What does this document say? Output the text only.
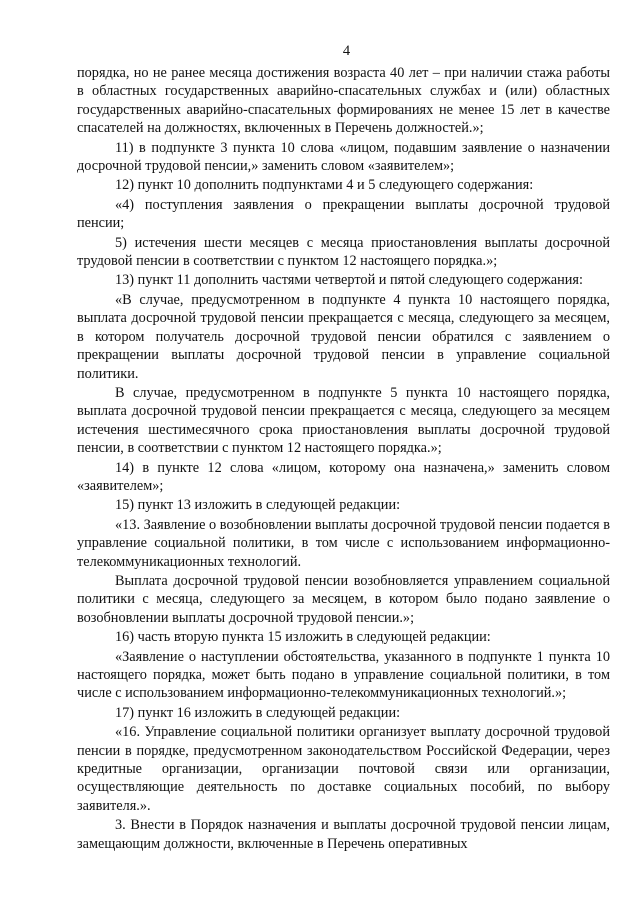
4

порядка, но не ранее месяца достижения возраста 40 лет – при наличии стажа работы в областных государственных аварийно-спасательных службах и (или) областных государственных аварийно-спасательных формированиях не менее 15 лет в качестве спасателей на должностях, включенных в Перечень должностей.»;

11) в подпункте 3 пункта 10 слова «лицом, подавшим заявление о назначении досрочной трудовой пенсии,» заменить словом «заявителем»;

12) пункт 10 дополнить подпунктами 4 и 5 следующего содержания:

«4) поступления заявления о прекращении выплаты досрочной трудовой пенсии;

5) истечения шести месяцев с месяца приостановления выплаты досрочной трудовой пенсии в соответствии с пунктом 12 настоящего порядка.»;

13) пункт 11 дополнить частями четвертой и пятой следующего содержания:

«В случае, предусмотренном в подпункте 4 пункта 10 настоящего порядка, выплата досрочной трудовой пенсии прекращается с месяца, следующего за месяцем, в котором получатель досрочной трудовой пенсии обратился с заявлением о прекращении выплаты досрочной трудовой пенсии в управление социальной политики.

В случае, предусмотренном в подпункте 5 пункта 10 настоящего порядка, выплата досрочной трудовой пенсии прекращается с месяца, следующего за месяцем истечения шестимесячного срока приостановления выплаты досрочной трудовой пенсии, в соответствии с пунктом 12 настоящего порядка.»;

14) в пункте 12 слова «лицом, которому она назначена,» заменить словом «заявителем»;

15) пункт 13 изложить в следующей редакции:

«13. Заявление о возобновлении выплаты досрочной трудовой пенсии подается в управление социальной политики, в том числе с использованием информационно-телекоммуникационных технологий.

Выплата досрочной трудовой пенсии возобновляется управлением социальной политики с месяца, следующего за месяцем, в котором было подано заявление о возобновлении выплаты досрочной трудовой пенсии.»;

16) часть вторую пункта 15 изложить в следующей редакции:

«Заявление о наступлении обстоятельства, указанного в подпункте 1 пункта 10 настоящего порядка, может быть подано в управление социальной политики, в том числе с использованием информационно-телекоммуникационных технологий.»;

17) пункт 16 изложить в следующей редакции:

«16. Управление социальной политики организует выплату досрочной трудовой пенсии в порядке, предусмотренном законодательством Российской Федерации, через кредитные организации, организации почтовой связи или организации, осуществляющие деятельность по доставке социальных пособий, по выбору заявителя.».

3. Внести в Порядок назначения и выплаты досрочной трудовой пенсии лицам, замещающим должности, включенные в Перечень оперативных
